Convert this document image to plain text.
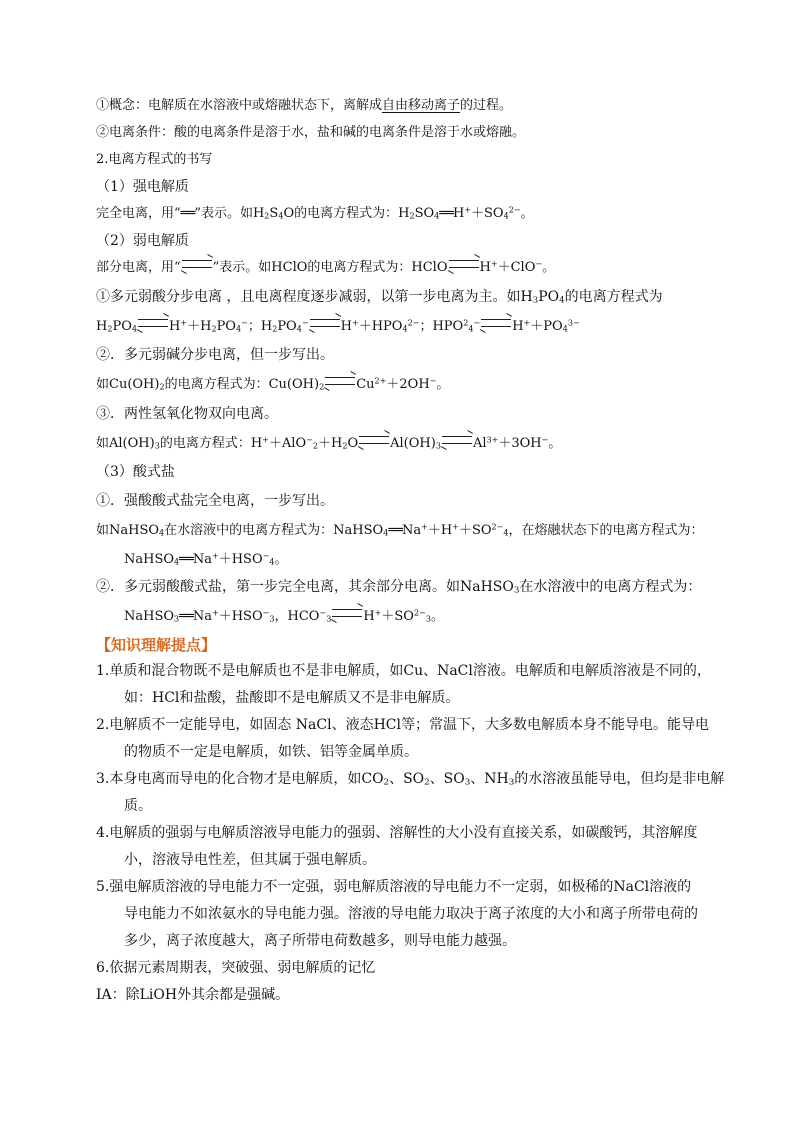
①概念：电解质在水溶液中或熔融状态下，离解成自由移动离子的过程。
②电离条件：酸的电离条件是溶于水，盐和碱的电离条件是溶于水或熔融。
2.电离方程式的书写
（1）强电解质
完全电离，用“══”表示。如$H_2S_4O$的电离方程式为：$H_2SO_4══H^++SO_4^{2-}$。
（2）弱电解质
部分电离，用“ ”表示。如HClO的电离方程式为：HClO H+＋ClO−。
①多元弱酸分步电离 ，且电离程度逐步减弱，以第一步电离为主。如$H_3PO_4$的电离方程式为
$H_2PO_4$ $H^++H_2PO_4^-$；$H_2PO_4^-$ $H^++HPO_4^{2-}$；$HPO^2_4^-$ $H^++PO_4^{3-}$
②．多元弱碱分步电离，但一步写出。
如$Cu(OH)_2$的电离方程式为：$Cu(OH)_2$ $Cu^{2+}+2OH^-$。
③．两性氢氧化物双向电离。
如$Al(OH)_3$的电离方程式：$H^++AlO^-_2+H_2O$ $Al(OH)_3$ $Al^{3+}+3OH^-$。
（3）酸式盐
①．强酸酸式盐完全电离，一步写出。
如NaHSO$_4$在水溶液中的电离方程式为：$NaHSO_4══Na^++H^++SO^{2-}_4$，在熔融状态下的电离方程式为：
$NaHSO_4══Na^++HSO^-_4$。
②．多元弱酸酸式盐，第一步完全电离，其余部分电离。如NaHSO$_3$在水溶液中的电离方程式为：
$NaHSO_3══Na^++HSO^-_3$，$HCO^-_3$ $H^++SO^{2-}_3$。
【知识理解提点】
1.单质和混合物既不是电解质也不是非电解质，如Cu、NaCl溶液。电解质和电解质溶液是不同的，
如：HCl和盐酸，盐酸即不是电解质又不是非电解质。
2.电解质不一定能导电，如固态 NaCl、液态HCl等；常温下，大多数电解质本身不能导电。能导电
的物质不一定是电解质，如铁、铝等金属单质。
3.本身电离而导电的化合物才是电解质，如$CO_2$、$SO_2$、$SO_3$、$NH_3$的水溶液虽能导电，但均是非电解
质。
4.电解质的强弱与电解质溶液导电能力的强弱、溶解性的大小没有直接关系，如碳酸钙，其溶解度
小，溶液导电性差，但其属于强电解质。
5.强电解质溶液的导电能力不一定强，弱电解质溶液的导电能力不一定弱，如极稀的NaCl溶液的
导电能力不如浓氨水的导电能力强。溶液的导电能力取决于离子浓度的大小和离子所带电荷的
多少，离子浓度越大，离子所带电荷数越多，则导电能力越强。
6.依据元素周期表，突破强、弱电解质的记忆
ⅠA：除LiOH外其余都是强碱。
